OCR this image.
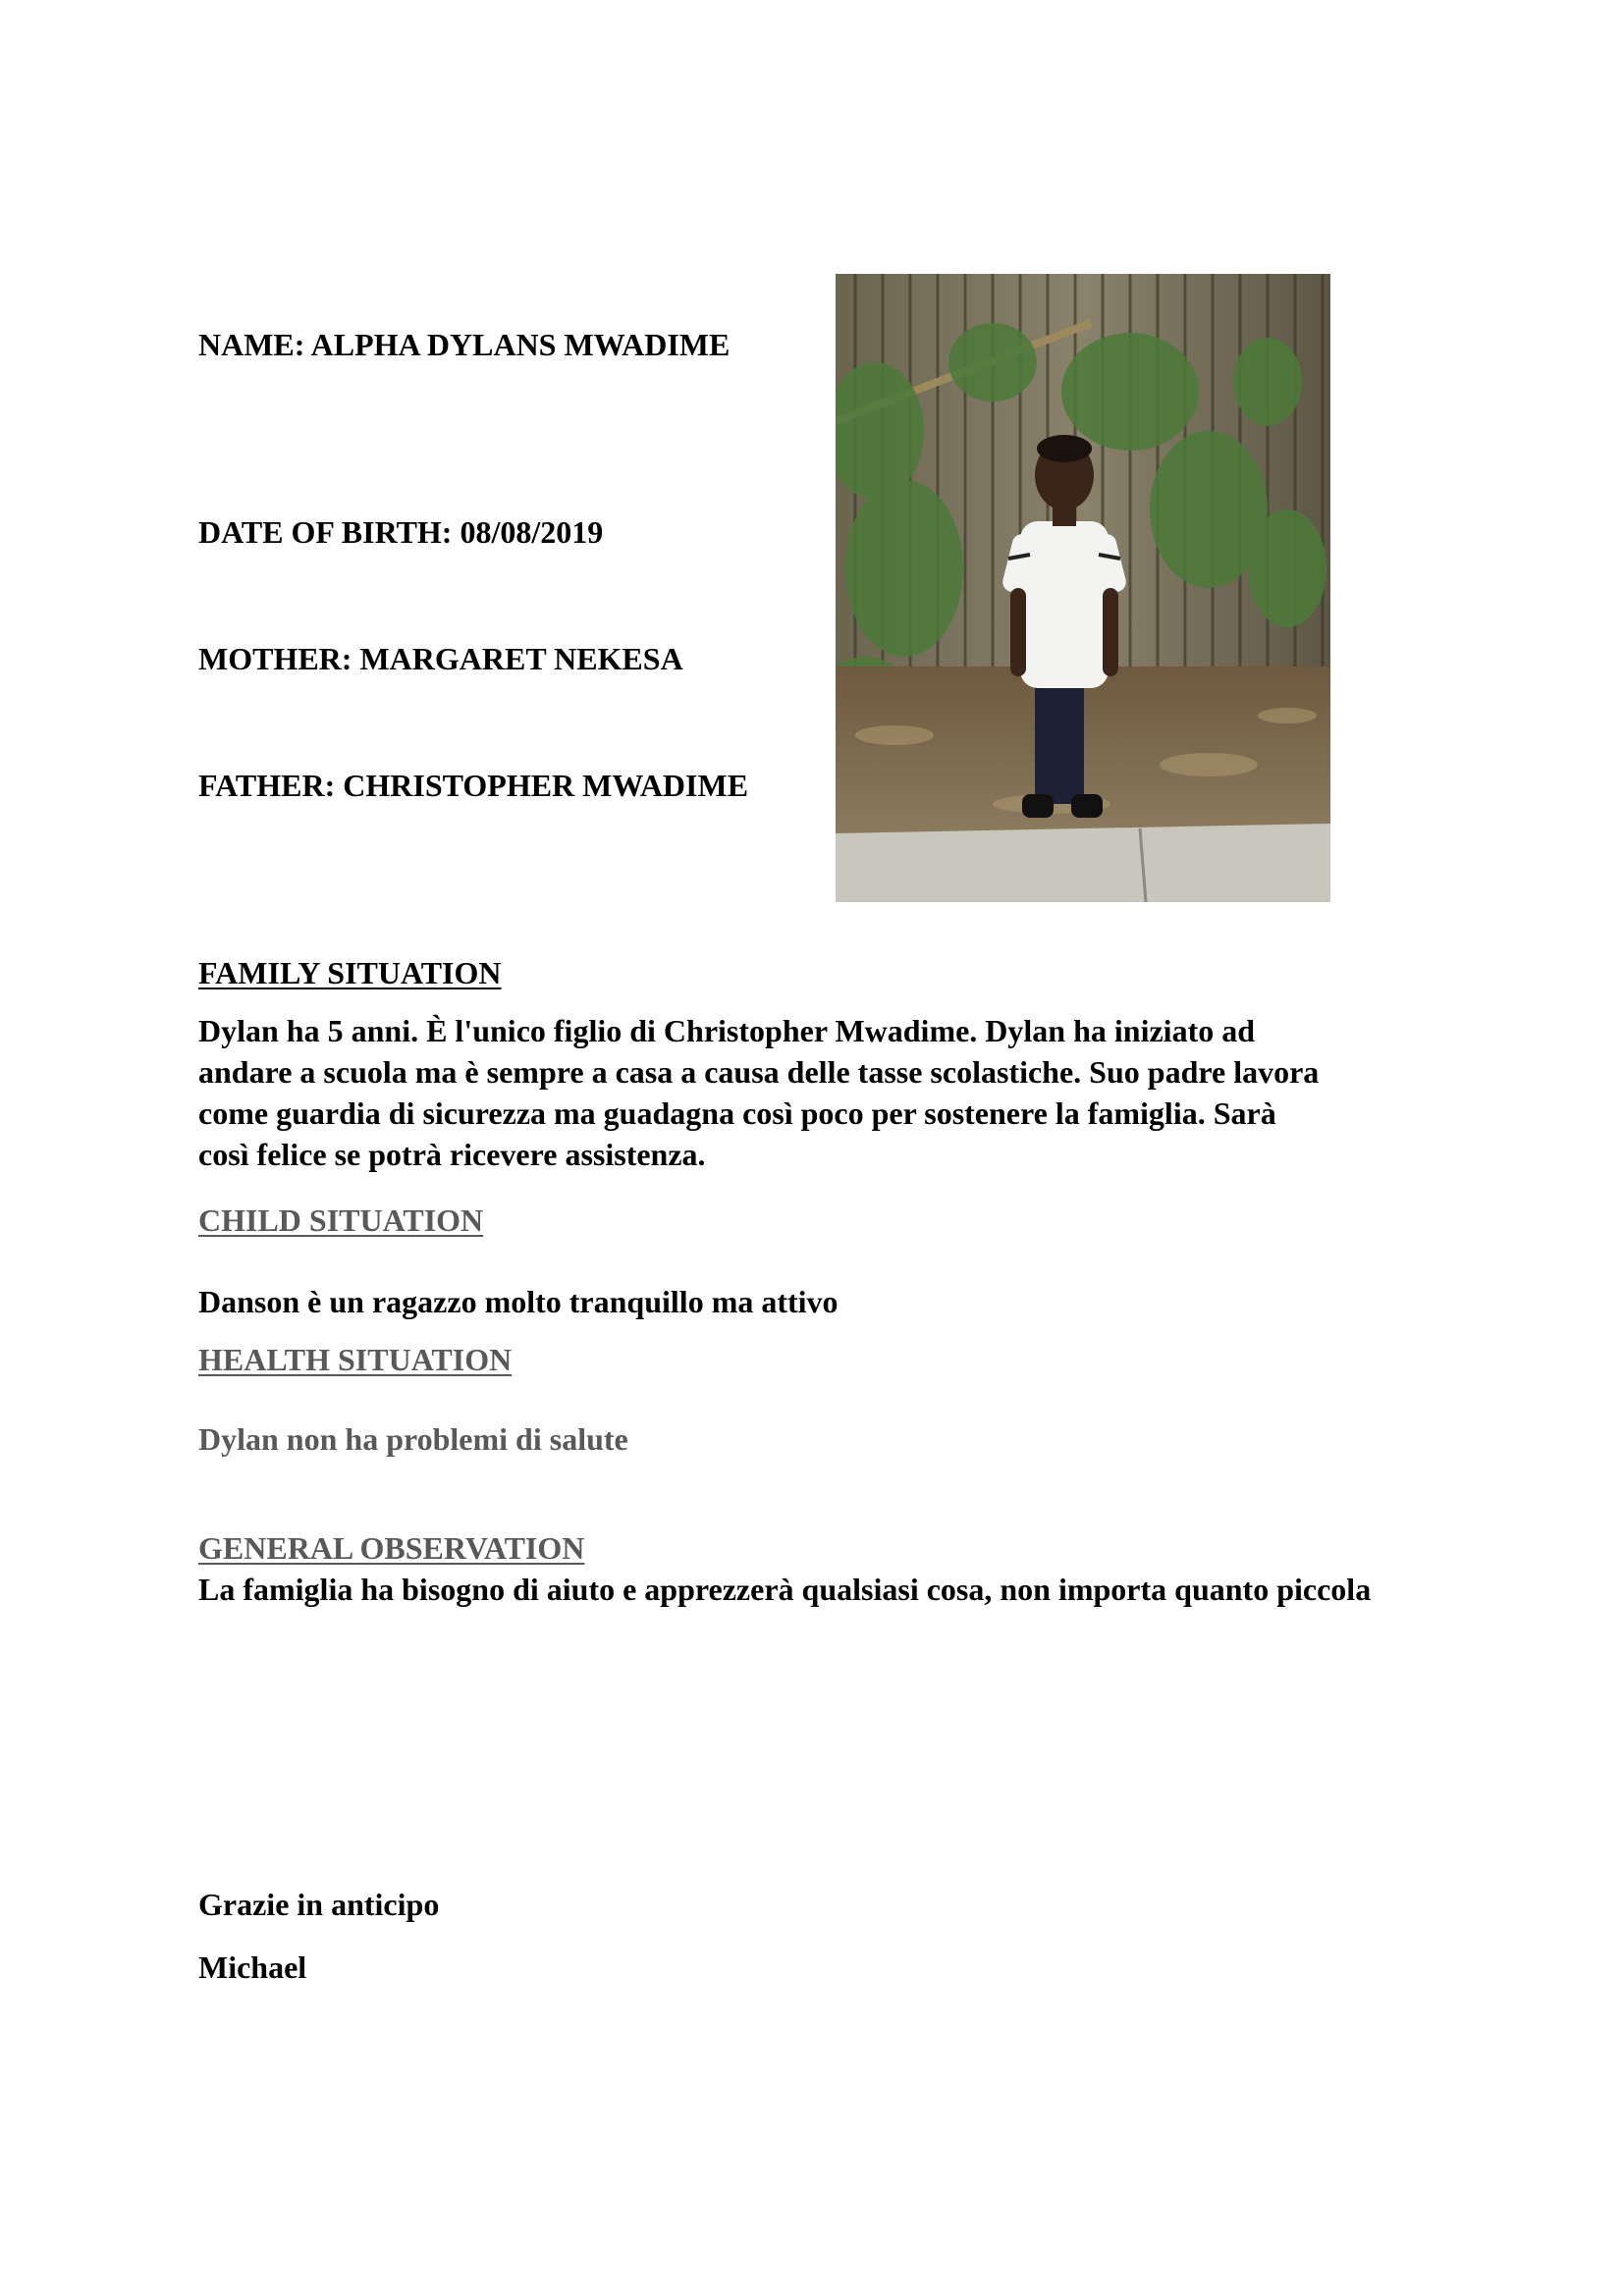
NAME: ALPHA DYLANS MWADIME

DATE OF BIRTH: 08/08/2019

MOTHER: MARGARET NEKESA

FATHER: CHRISTOPHER MWADIME

FAMILY SITUATION

Dylan ha 5 anni. È l'unico figlio di Christopher Mwadime. Dylan ha iniziato ad
andare a scuola ma è sempre a casa a causa delle tasse scolastiche. Suo padre lavora
come guardia di sicurezza ma guadagna così poco per sostenere la famiglia. Sarà
così felice se potrà ricevere assistenza.

CHILD SITUATION

Danson è un ragazzo molto tranquillo ma attivo

HEALTH SITUATION

Dylan non ha problemi di salute

GENERAL OBSERVATION

La famiglia ha bisogno di aiuto e apprezzerà qualsiasi cosa, non importa quanto piccola

Grazie in anticipo

Michael
